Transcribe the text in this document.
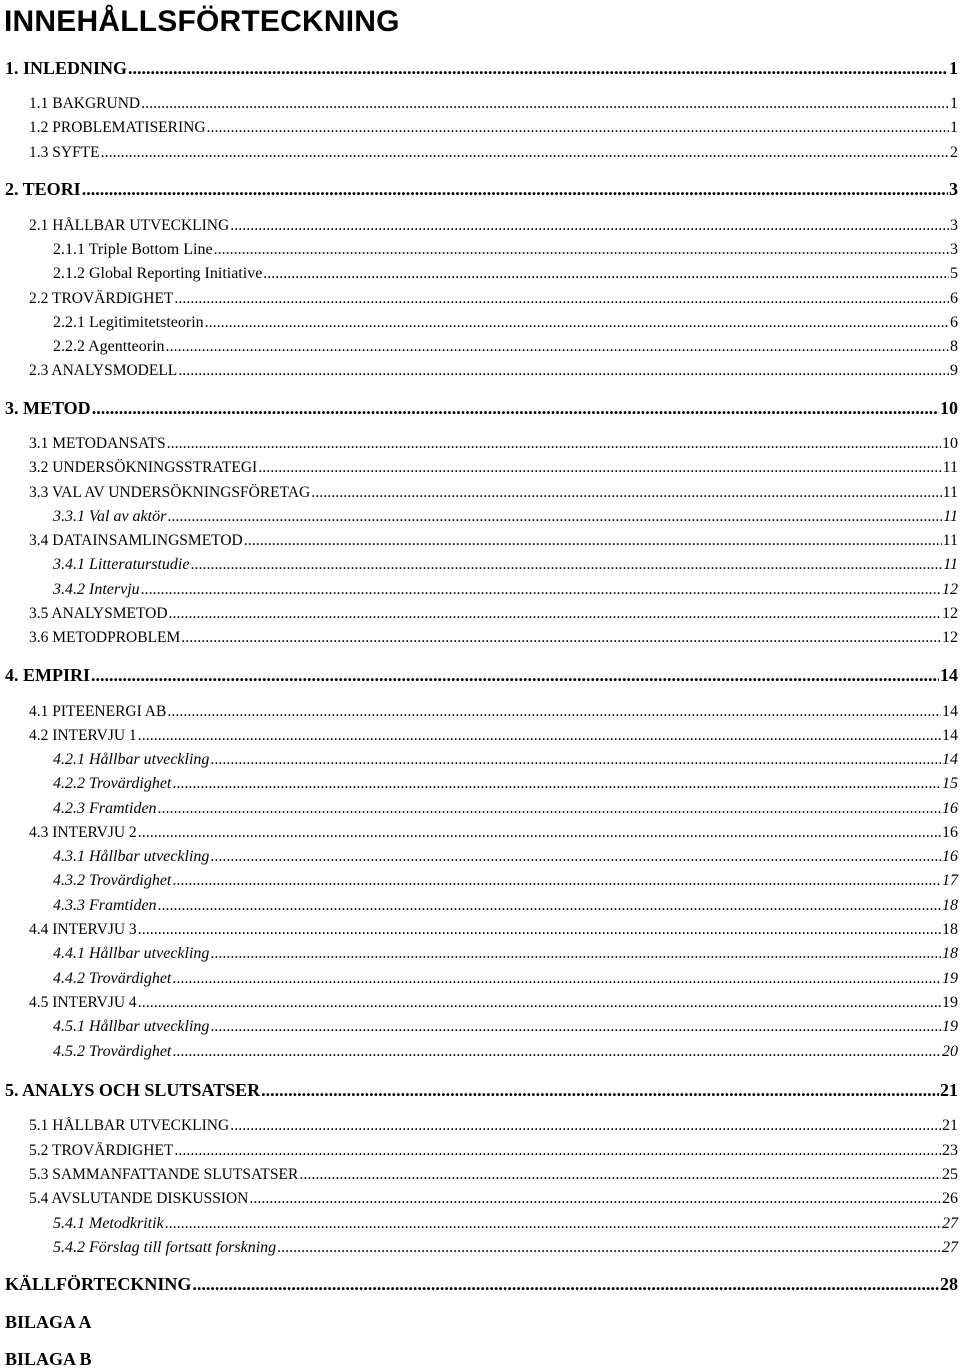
INNEHÅLLSFÖRTECKNING
1. INLEDNING .....	1
1.1 BAKGRUND .....	1
1.2 PROBLEMATISERING .....	1
1.3 SYFTE .....	2
2. TEORI .....	3
2.1 HÅLLBAR UTVECKLING .....	3
2.1.1 Triple Bottom Line .....	3
2.1.2 Global Reporting Initiative .....	5
2.2 TROVÄRDIGHET .....	6
2.2.1 Legitimitetsteorin .....	6
2.2.2 Agentteorin .....	8
2.3 ANALYSMODELL .....	9
3. METOD .....	10
3.1 METODANSATS .....	10
3.2 UNDERSÖKNINGSSTRATEGI .....	11
3.3 VAL AV UNDERSÖKNINGSFÖRETAG .....	11
3.3.1 Val av aktör .....	11
3.4 DATAINSAMLINGSMETOD .....	11
3.4.1 Litteraturstudie .....	11
3.4.2 Intervju .....	12
3.5 ANALYSMETOD .....	12
3.6 METODPROBLEM .....	12
4. EMPIRI .....	14
4.1 PITEENERGI AB .....	14
4.2 INTERVJU 1 .....	14
4.2.1 Hållbar utveckling .....	14
4.2.2 Trovärdighet .....	15
4.2.3 Framtiden .....	16
4.3 INTERVJU 2 .....	16
4.3.1 Hållbar utveckling .....	16
4.3.2 Trovärdighet .....	17
4.3.3 Framtiden .....	18
4.4 INTERVJU 3 .....	18
4.4.1 Hållbar utveckling .....	18
4.4.2 Trovärdighet .....	19
4.5 INTERVJU 4 .....	19
4.5.1 Hållbar utveckling .....	19
4.5.2 Trovärdighet .....	20
5. ANALYS OCH SLUTSATSER .....	21
5.1 HÅLLBAR UTVECKLING .....	21
5.2 TROVÄRDIGHET .....	23
5.3 SAMMANFATTANDE SLUTSATSER .....	25
5.4 AVSLUTANDE DISKUSSION .....	26
5.4.1 Metodkritik .....	27
5.4.2 Förslag till fortsatt forskning .....	27
KÄLLFÖRTECKNING .....	28
BILAGA A
BILAGA B
